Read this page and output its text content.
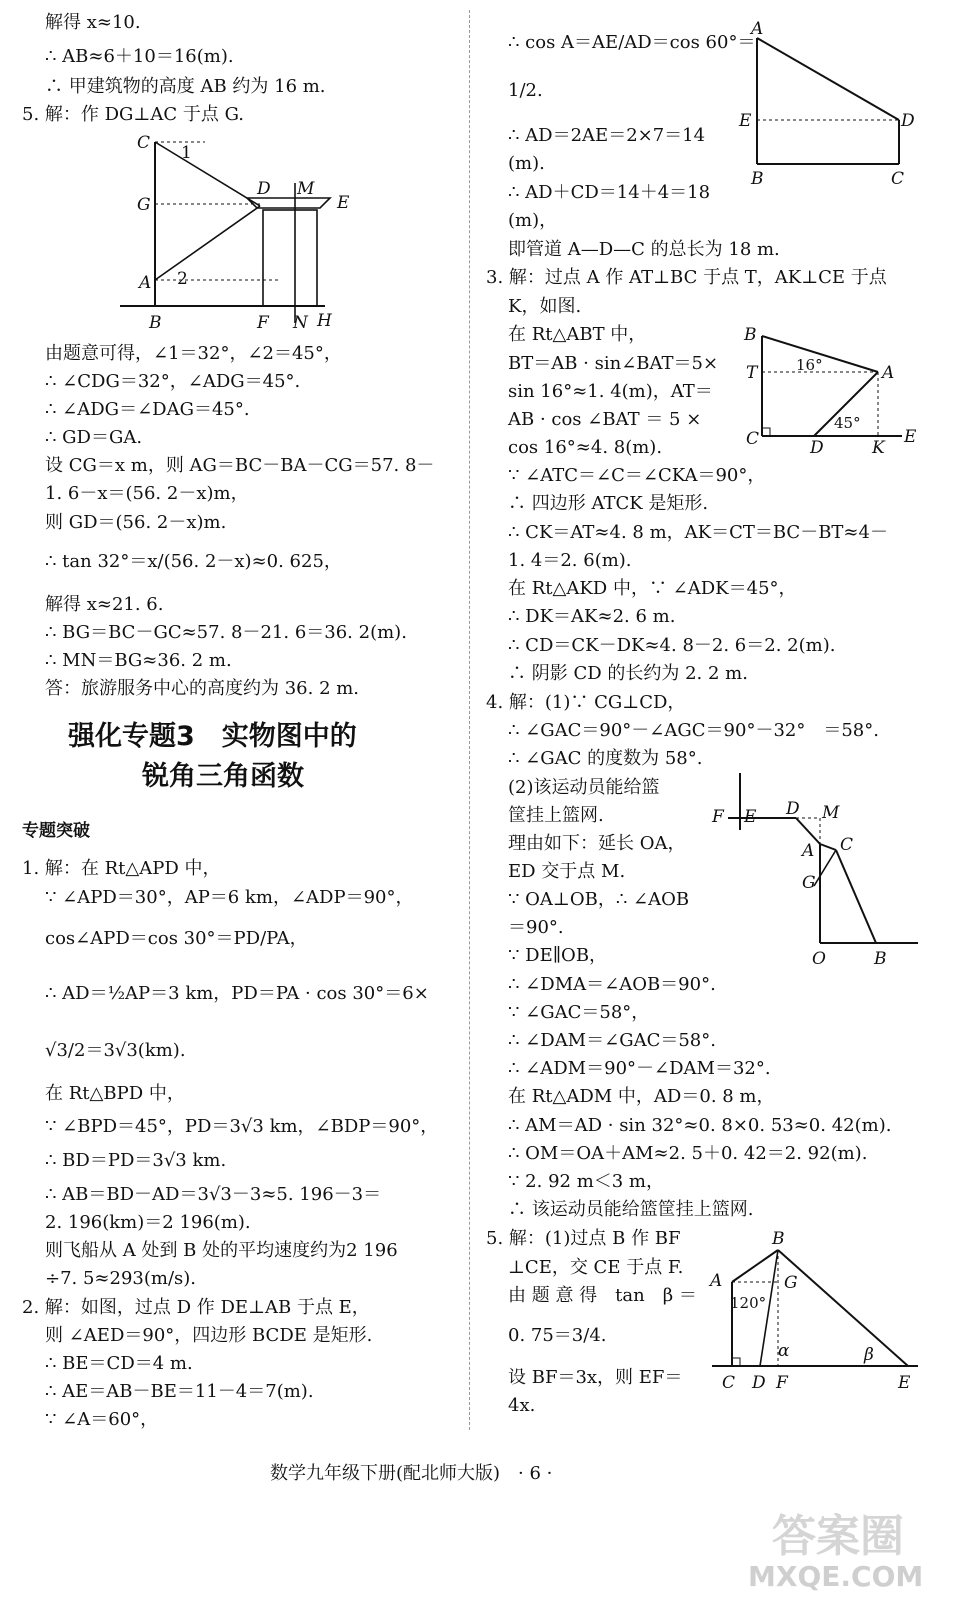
解得 x≈10.
∴ AB≈6＋10＝16(m).
∴ 甲建筑物的高度 AB 约为 16 m.
5. 解：作 DG⊥AC 于点 G.
C 1
G
D M
E
A 2
B	F N H
由题意可得，∠1＝32°，∠2＝45°，
∴ ∠CDG＝32°，∠ADG＝45°.
∴ ∠ADG＝∠DAG＝45°.
∴ GD＝GA.
设 CG＝x m，则 AG＝BC－BA－CG＝57. 8－
1. 6－x＝(56. 2－x)m，
则 GD＝(56. 2－x)m.
∴ tan 32°＝x/(56. 2－x)≈0. 625，
解得 x≈21. 6.
∴ BG＝BC－GC≈57. 8－21. 6＝36. 2(m).
∴ MN＝BG≈36. 2 m.
答：旅游服务中心的高度约为 36. 2 m.
强化专题3　实物图中的
锐角三角函数
专题突破
1. 解：在 Rt△APD 中，
∵ ∠APD＝30°，AP＝6 km，∠ADP＝90°，
cos∠APD＝cos 30°＝PD/PA，
∴ AD＝½AP＝3 km，PD＝PA · cos 30°＝6×
√3/2＝3√3(km).
在 Rt△BPD 中，
∵ ∠BPD＝45°，PD＝3√3 km，∠BDP＝90°，
∴ BD＝PD＝3√3 km.
∴ AB＝BD－AD＝3√3－3≈5. 196－3＝
2. 196(km)＝2 196(m).
则飞船从 A 处到 B 处的平均速度约为2 196
÷7. 5≈293(m/s).
2. 解：如图，过点 D 作 DE⊥AB 于点 E，
则 ∠AED＝90°，四边形 BCDE 是矩形.
∴ BE＝CD＝4 m.
∴ AE＝AB－BE＝11－4＝7(m).
∵ ∠A＝60°，
∴ cos A＝AE/AD＝cos 60°＝
1/2.
∴ AD＝2AE＝2×7＝14
(m).
∴ AD＋CD＝14＋4＝18
(m)，
即管道 A—D—C 的总长为 18 m.
A
E	D
B	C
3. 解：过点 A 作 AT⊥BC 于点 T，AK⊥CE 于点
K，如图.
在 Rt△ABT 中，
BT＝AB · sin∠BAT＝5×
sin 16°≈1. 4(m)，AT＝
AB · cos ∠BAT ＝ 5 ×
cos 16°≈4. 8(m).
∵ ∠ATC＝∠C＝∠CKA＝90°，
∴ 四边形 ATCK 是矩形.
∴ CK＝AT≈4. 8 m，AK＝CT＝BC－BT≈4－
1. 4＝2. 6(m).
在 Rt△AKD 中，∵ ∠ADK＝45°，
∴ DK＝AK≈2. 6 m.
∴ CD＝CK－DK≈4. 8－2. 6＝2. 2(m).
∴ 阴影 CD 的长约为 2. 2 m.
B
T	16°	A
45°
C	D	K
E
4. 解：(1)∵ CG⊥CD，
∴ ∠GAC＝90°－∠AGC＝90°－32°　＝58°.
∴ ∠GAC 的度数为 58°.
(2)该运动员能给篮
筐挂上篮网.
理由如下：延长 OA，
ED 交于点 M.
∵ OA⊥OB，∴ ∠AOB
＝90°.
∵ DE∥OB，
∴ ∠DMA＝∠AOB＝90°.
∵ ∠GAC＝58°，
∴ ∠DAM＝∠GAC＝58°.
∴ ∠ADM＝90°－∠DAM＝32°.
在 Rt△ADM 中，AD＝0. 8 m，
∴ AM＝AD · sin 32°≈0. 8×0. 53≈0. 42(m).
∴ OM＝OA＋AM≈2. 5＋0. 42＝2. 92(m).
∵ 2. 92 m＜3 m，
∴ 该运动员能给篮筐挂上篮网.
F E D M
A C
G
O	B
5. 解：(1)过点 B 作 BF
⊥CE，交 CE 于点 F.
由 题 意 得　tan　β ＝
0. 75＝3/4.
设 BF＝3x，则 EF＝
4x.
B
A	G
120°
α	β
C D F	E
数学九年级下册(配北师大版)　· 6 ·
答案圈
MXQE.COM
